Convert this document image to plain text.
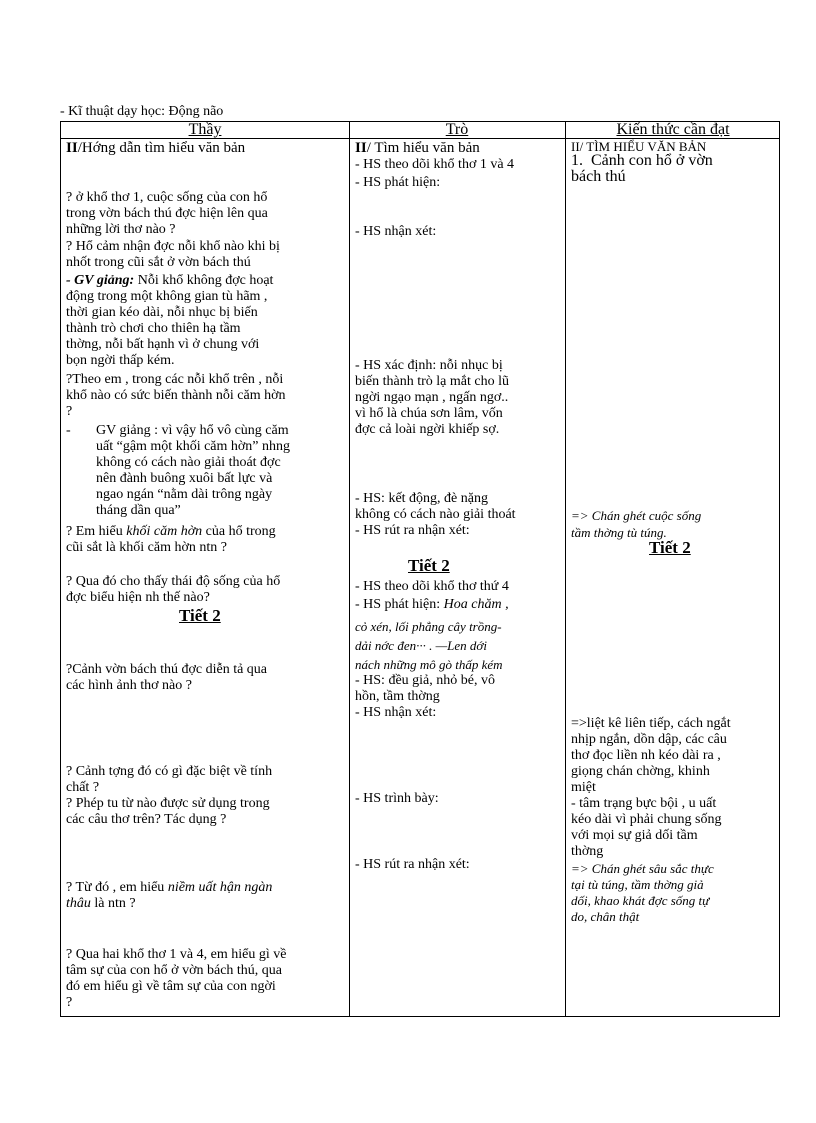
- Kĩ thuật dạy học: Động não
Thầy	Trò	Kiến thức cần đạt
II/Hớng dẫn tìm hiểu văn bản
? ở khổ thơ 1, cuộc sống của con hổ
trong vờn bách thú đợc hiện lên qua
những lời thơ nào ?
? Hổ cảm nhận đợc nỗi khổ nào khi bị
nhốt trong cũi sắt ở vờn bách thú
- GV giảng: Nỗi khổ không đợc hoạt
động trong một không gian tù hãm ,
thời gian kéo dài, nỗi nhục bị biến
thành trò chơi cho thiên hạ tầm
thờng, nỗi bất hạnh vì ở chung với
bọn ngời thấp kém.
?Theo em , trong các nỗi khổ trên , nỗi
khổ nào có sức biến thành nỗi căm hờn
?
- GV giảng : vì vậy hổ vô cùng căm
uất “gậm một khối căm hờn” nhng
không có cách nào giải thoát đợc
nên đành buông xuôi bất lực và
ngao ngán “nằm dài trông ngày
tháng dần qua”
? Em hiểu khối căm hờn của hổ trong
cũi sắt là khối căm hờn ntn ?
? Qua đó cho thấy thái độ sống của hổ
đợc biểu hiện nh thế nào?
Tiết 2
?Cảnh vờn bách thú đợc diễn tả qua
các hình ảnh thơ nào ?
? Cảnh tợng đó có gì đặc biệt về tính
chất ?
? Phép tu từ nào được sử dụng trong
các câu thơ trên? Tác dụng ?
? Từ đó , em hiểu niềm uất hận ngàn
thâu là ntn ?
? Qua hai khổ thơ 1 và 4, em hiểu gì về
tâm sự của con hổ ở vờn bách thú, qua
đó em hiểu gì về tâm sự của con ngời
?
II/ Tìm hiểu văn bản
- HS theo dõi khổ thơ 1 và 4
- HS phát hiện:
- HS nhận xét:
- HS xác định: nỗi nhục bị
biến thành trò lạ mắt cho lũ
ngời ngạo mạn , ngấn ngơ..
vì hổ là chúa sơn lâm, vốn
đợc cả loài ngời khiếp sợ.
- HS: kết động, đè nặng
không có cách nào giải thoát
- HS rút ra nhận xét:
Tiết 2
- HS theo dõi khổ thơ thứ 4
- HS phát hiện: Hoa chăm ,
cỏ xén, lối phẳng cây trồng-
dải nớc đen··· . —Len dới
nách những mô gò thấp kém
- HS: đều giả, nhỏ bé, vô
hồn, tầm thờng
- HS nhận xét:
- HS trình bày:
- HS rút ra nhận xét:
II/ TÌM HIỂU VĂN BẢN
1. Cảnh con hổ ở vờn
bách thú
=> Chán ghét cuộc sống
tầm thờng tù túng.
Tiết 2
=>liệt kê liên tiếp, cách ngắt
nhịp ngắn, dồn dập, các câu
thơ đọc liền nh kéo dài ra ,
giọng chán chờng, khinh
miệt
- tâm trạng bực bội , u uất
kéo dài vì phải chung sống
với mọi sự giả dối tầm
thờng
=> Chán ghét sâu sắc thực
tại tù túng, tầm thờng giả
dối, khao khát đợc sống tự
do, chân thật
